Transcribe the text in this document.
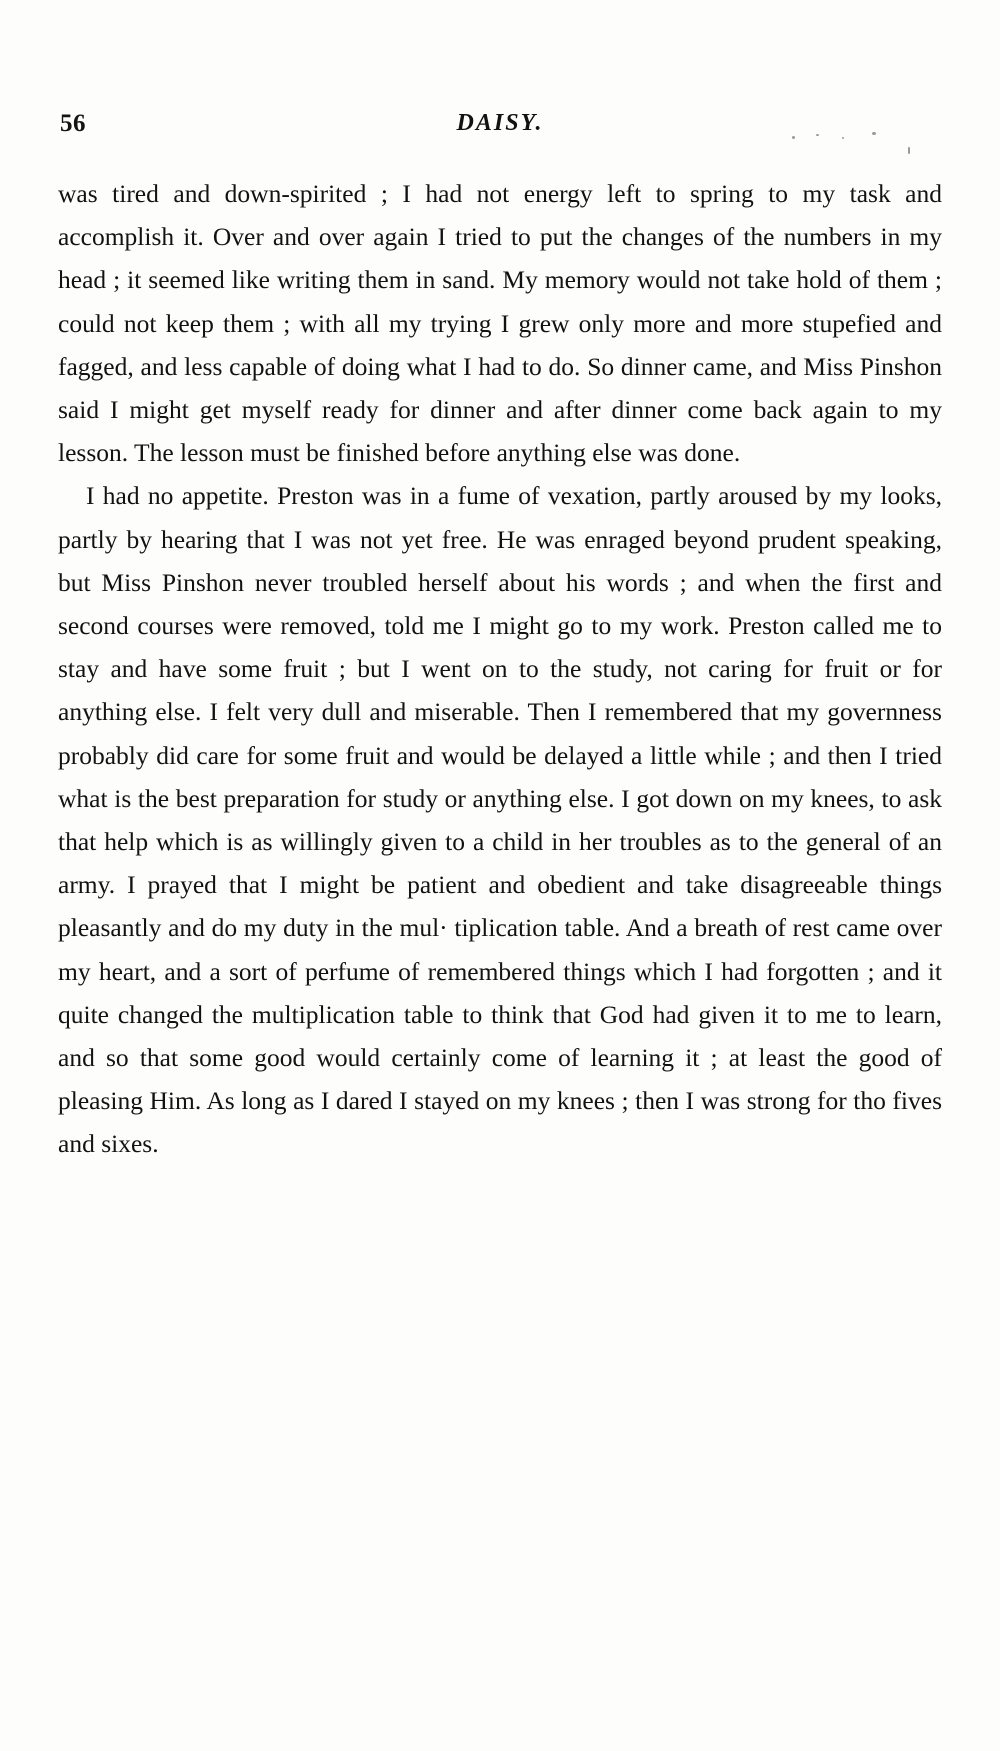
56	DAISY.

was tired and down-spirited ; I had not energy left to spring to my task and accomplish it. Over and over again I tried to put the changes of the numbers in my head ; it seemed like writing them in sand. My memory would not take hold of them ; could not keep them ; with all my trying I grew only more and more stupefied and fagged, and less capable of doing what I had to do. So dinner came, and Miss Pinshon said I might get myself ready for dinner and after dinner come back again to my lesson. The lesson must be finished before anything else was done.

I had no appetite. Preston was in a fume of vexation, partly aroused by my looks, partly by hearing that I was not yet free. He was enraged beyond prudent speaking, but Miss Pinshon never troubled herself about his words ; and when the first and second courses were removed, told me I might go to my work. Preston called me to stay and have some fruit ; but I went on to the study, not caring for fruit or for anything else. I felt very dull and miserable. Then I remembered that my governness probably did care for some fruit and would be delayed a little while ; and then I tried what is the best preparation for study or anything else. I got down on my knees, to ask that help which is as willingly given to a child in her troubles as to the general of an army. I prayed that I might be patient and obedient and take disagreeable things pleasantly and do my duty in the mul· tiplication table. And a breath of rest came over my heart, and a sort of perfume of remembered things which I had forgotten ; and it quite changed the multiplication table to think that God had given it to me to learn, and so that some good would certainly come of learning it ; at least the good of pleasing Him. As long as I dared I stayed on my knees ; then I was strong for tho fives and sixes.
